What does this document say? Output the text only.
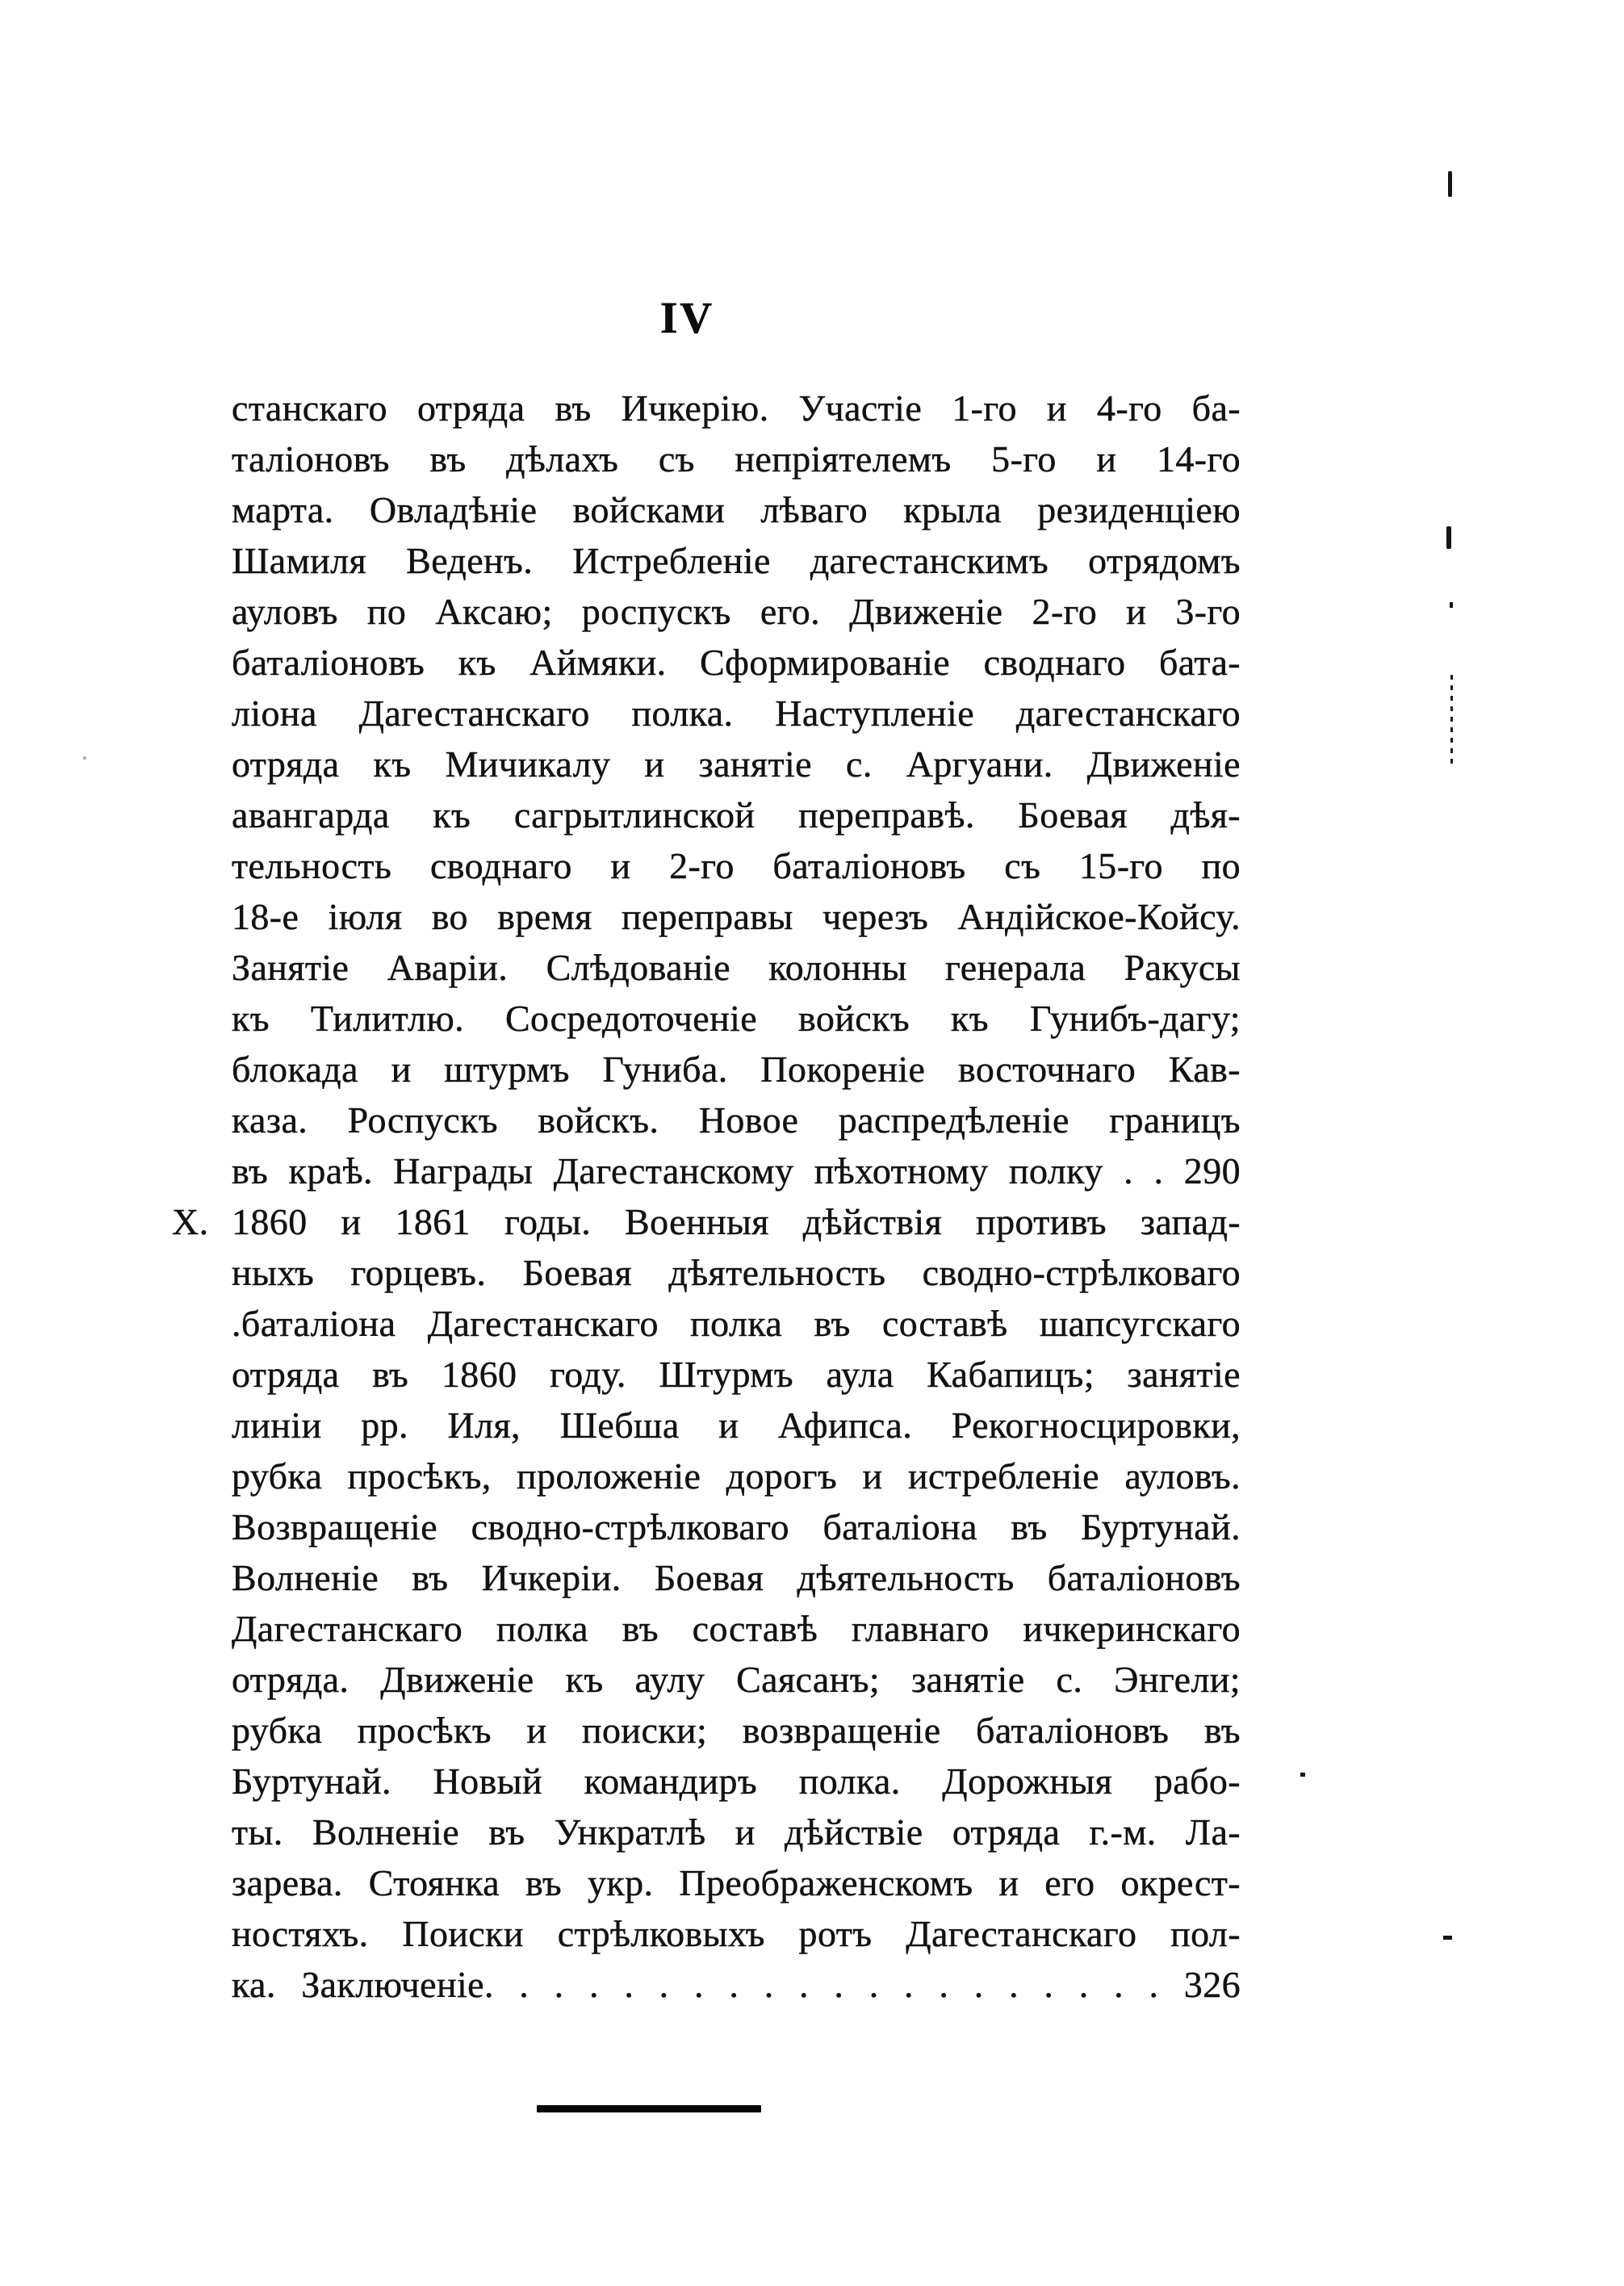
IV
станскаго отряда въ Ичкерію. Участіе 1-го и 4-го ба-
таліоновъ въ дѣлахъ съ непріятелемъ 5-го и 14-го
марта. Овладѣніе войсками лѣваго крыла резиденціею
Шамиля Веденъ. Истребленіе дагестанскимъ отрядомъ
ауловъ по Аксаю; роспускъ его. Движеніе 2-го и 3-го
баталіоновъ къ Аймяки. Сформированіе своднаго бата-
ліона Дагестанскаго полка. Наступленіе дагестанскаго
отряда къ Мичикалу и занятіе с. Аргуани. Движеніе
авангарда къ сагрытлинской переправѣ. Боевая дѣя-
тельность своднаго и 2-го баталіоновъ съ 15-го по
18-е іюля во время переправы черезъ Андійское-Койсу.
Занятіе Аваріи. Слѣдованіе колонны генерала Ракусы
къ Тилитлю. Сосредоточеніе войскъ къ Гунибъ-дагу;
блокада и штурмъ Гуниба. Покореніе восточнаго Кав-
каза. Роспускъ войскъ. Новое распредѣленіе границъ
въ краѣ. Награды Дагестанскому пѣхотному полку . . 290
1860 и 1861 годы. Военныя дѣйствія противъ запад-
X.
ныхъ горцевъ. Боевая дѣятельность сводно-стрѣлковаго
.баталіона Дагестанскаго полка въ составѣ шапсугскаго
отряда въ 1860 году. Штурмъ аула Кабапицъ; занятіе
линіи рр. Иля, Шебша и Афипса. Рекогносцировки,
рубка просѣкъ, проложеніе дорогъ и истребленіе ауловъ.
Возвращеніе сводно-стрѣлковаго баталіона въ Буртунай.
Волненіе въ Ичкеріи. Боевая дѣятельность баталіоновъ
Дагестанскаго полка въ составѣ главнаго ичкеринскаго
отряда. Движеніе къ аулу Саясанъ; занятіе с. Энгели;
рубка просѣкъ и поиски; возвращеніе баталіоновъ въ
Буртунай. Новый командиръ полка. Дорожныя рабо-
ты. Волненіе въ Ункратлѣ и дѣйствіе отряда г.-м. Ла-
зарева. Стоянка въ укр. Преображенскомъ и его окрест-
ностяхъ. Поиски стрѣлковыхъ ротъ Дагестанскаго пол-
ка. Заключеніе. . . . . . . . . . . . . . . . . . . . 326
